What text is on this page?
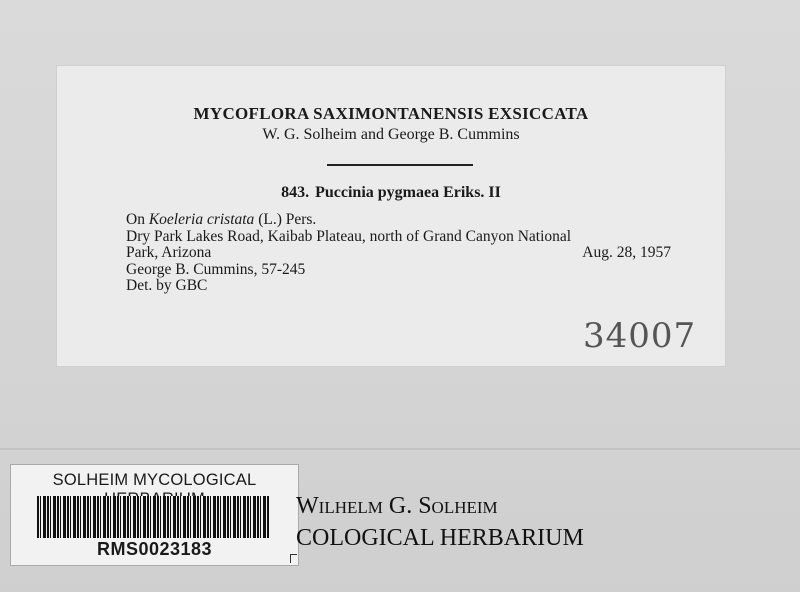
MYCOFLORA SAXIMONTANENSIS EXSICCATA
W. G. Solheim and George B. Cummins
843. Puccinia pygmaea Eriks. II
On Koeleria cristata (L.) Pers.
Dry Park Lakes Road, Kaibab Plateau, north of Grand Canyon National
Park, Arizona	Aug. 28, 1957
George B. Cummins, 57-245
Det. by GBC
34007
SOLHEIM MYCOLOGICAL
RMS0023183
Wilhelm G. Solheim
COLOGICAL HERBARIUM
